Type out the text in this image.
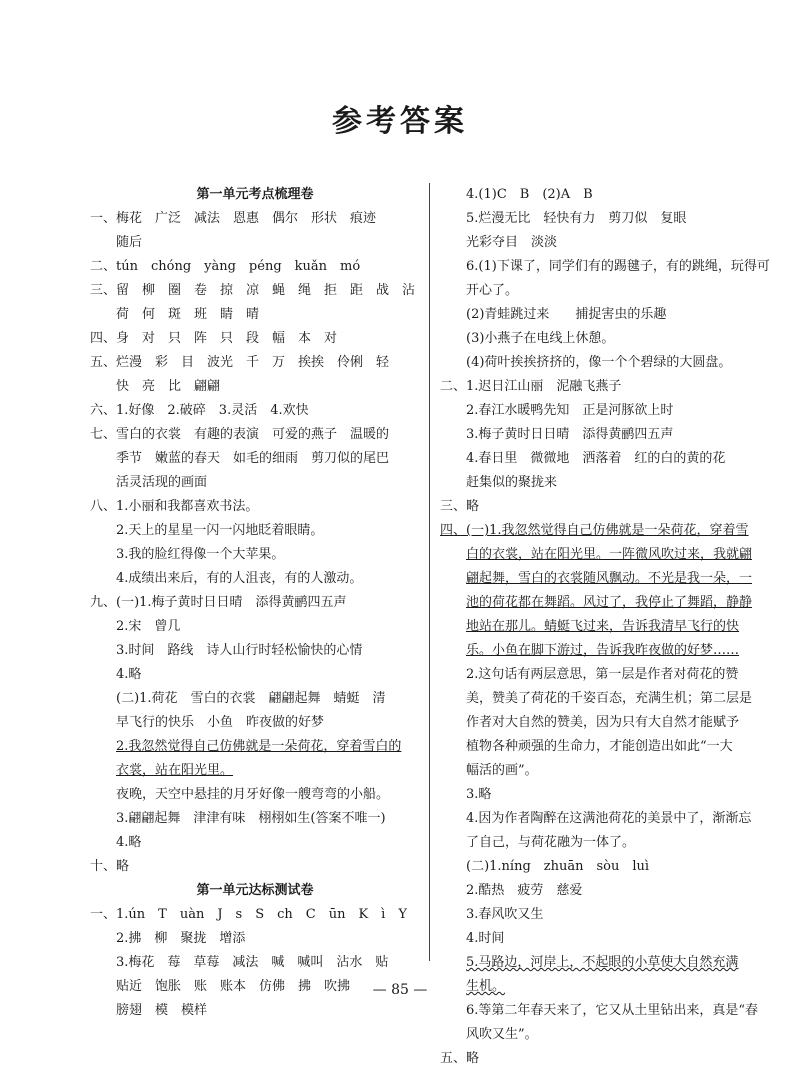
参考答案
第一单元考点梳理卷
一、梅花　广泛　减法　恩惠　偶尔　形状　痕迹
随后
二、tún　chóng　yàng　péng　kuǎn　mó
三、留　柳　圈　卷　掠　凉　蝇　绳　拒　距　战　沾
荷　何　斑　班　睛　晴
四、身　对　只　阵　只　段　幅　本　对
五、烂漫　彩　目　波光　千　万　挨挨　伶俐　轻
快　亮　比　翩翩
六、1.好像　2.破碎　3.灵活　4.欢快
七、雪白的衣裳　有趣的表演　可爱的燕子　温暖的
季节　嫩蓝的春天　如毛的细雨　剪刀似的尾巴
活灵活现的画面
八、1.小丽和我都喜欢书法。
2.天上的星星一闪一闪地眨着眼睛。
3.我的脸红得像一个大苹果。
4.成绩出来后，有的人沮丧，有的人激动。
九、(一)1.梅子黄时日日晴　添得黄鹂四五声
2.宋　曾几
3.时间　路线　诗人山行时轻松愉快的心情
4.略
(二)1.荷花　雪白的衣裳　翩翩起舞　蜻蜓　清
早飞行的快乐　小鱼　昨夜做的好梦
2.我忽然觉得自己仿佛就是一朵荷花，穿着雪白的
衣裳，站在阳光里。
夜晚，天空中悬挂的月牙好像一艘弯弯的小船。
3.翩翩起舞　津津有味　栩栩如生(答案不唯一)
4.略
十、略
第一单元达标测试卷
一、1.ún　T　uàn　J　s　S　ch　C　ūn　K　ì　Y
2.拂　柳　聚拢　增添
3.梅花　莓　草莓　减法　喊　喊叫　沾水　贴
贴近　饱胀　账　账本　仿佛　拂　吹拂
膀翅　模　模样
4.(1)C　B　(2)A　B
5.烂漫无比　轻快有力　剪刀似　复眼
光彩夺目　淡淡
6.(1)下课了，同学们有的踢毽子，有的跳绳，玩得可
开心了。
(2)青蛙跳过来　　捕捉害虫的乐趣
(3)小燕子在电线上休憩。
(4)荷叶挨挨挤挤的，像一个个碧绿的大圆盘。
二、1.迟日江山丽　泥融飞燕子
2.春江水暖鸭先知　正是河豚欲上时
3.梅子黄时日日晴　添得黄鹂四五声
4.春日里　微微地　洒落着　红的白的黄的花
赶集似的聚拢来
三、略
四、(一)1.我忽然觉得自己仿佛就是一朵荷花，穿着雪
白的衣裳，站在阳光里。一阵微风吹过来，我就翩
翩起舞，雪白的衣裳随风飘动。不光是我一朵，一
池的荷花都在舞蹈。风过了，我停止了舞蹈，静静
地站在那儿。蜻蜓飞过来，告诉我清早飞行的快
乐。小鱼在脚下游过，告诉我昨夜做的好梦……
2.这句话有两层意思，第一层是作者对荷花的赞
美，赞美了荷花的千姿百态，充满生机；第二层是
作者对大自然的赞美，因为只有大自然才能赋予
植物各种顽强的生命力，才能创造出如此“一大
幅活的画”。
3.略
4.因为作者陶醉在这满池荷花的美景中了，渐渐忘
了自己，与荷花融为一体了。
(二)1.níng　zhuān　sòu　luì
2.酷热　疲劳　慈爱
3.春风吹又生
4.时间
5.马路边，河岸上，不起眼的小草使大自然充满
生机。
6.等第二年春天来了，它又从土里钻出来，真是“春
风吹又生”。
五、略
— 85 —
